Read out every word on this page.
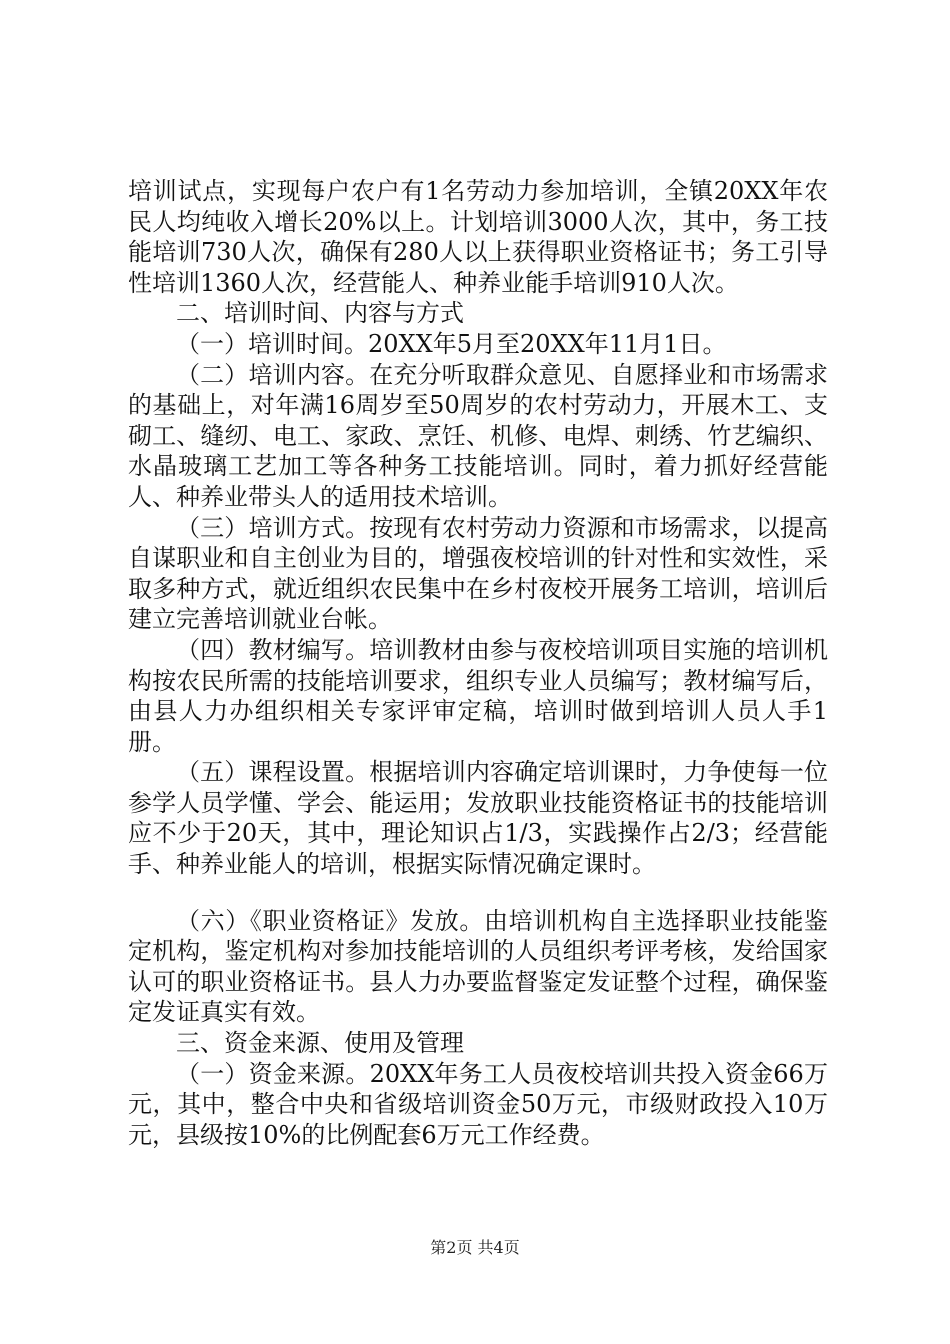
培训试点，实现每户农户有1名劳动力参加培训，全镇20XX年农民人均纯收入增长20%以上。计划培训3000人次，其中，务工技能培训730人次，确保有280人以上获得职业资格证书；务工引导性培训1360人次，经营能人、种养业能手培训910人次。

二、培训时间、内容与方式

（一）培训时间。20XX年5月至20XX年11月1日。

（二）培训内容。在充分听取群众意见、自愿择业和市场需求的基础上，对年满16周岁至50周岁的农村劳动力，开展木工、支砌工、缝纫、电工、家政、烹饪、机修、电焊、刺绣、竹艺编织、水晶玻璃工艺加工等各种务工技能培训。同时，着力抓好经营能人、种养业带头人的适用技术培训。

（三）培训方式。按现有农村劳动力资源和市场需求，以提高自谋职业和自主创业为目的，增强夜校培训的针对性和实效性，采取多种方式，就近组织农民集中在乡村夜校开展务工培训，培训后建立完善培训就业台帐。

（四）教材编写。培训教材由参与夜校培训项目实施的培训机构按农民所需的技能培训要求，组织专业人员编写；教材编写后，由县人力办组织相关专家评审定稿，培训时做到培训人员人手1册。

（五）课程设置。根据培训内容确定培训课时，力争使每一位参学人员学懂、学会、能运用；发放职业技能资格证书的技能培训应不少于20天，其中，理论知识占1/3，实践操作占2/3；经营能手、种养业能人的培训，根据实际情况确定课时。

（六）《职业资格证》发放。由培训机构自主选择职业技能鉴定机构，鉴定机构对参加技能培训的人员组织考评考核，发给国家认可的职业资格证书。县人力办要监督鉴定发证整个过程，确保鉴定发证真实有效。

三、资金来源、使用及管理

（一）资金来源。20XX年务工人员夜校培训共投入资金66万元，其中，整合中央和省级培训资金50万元，市级财政投入10万元，县级按10%的比例配套6万元工作经费。

第2页 共4页
